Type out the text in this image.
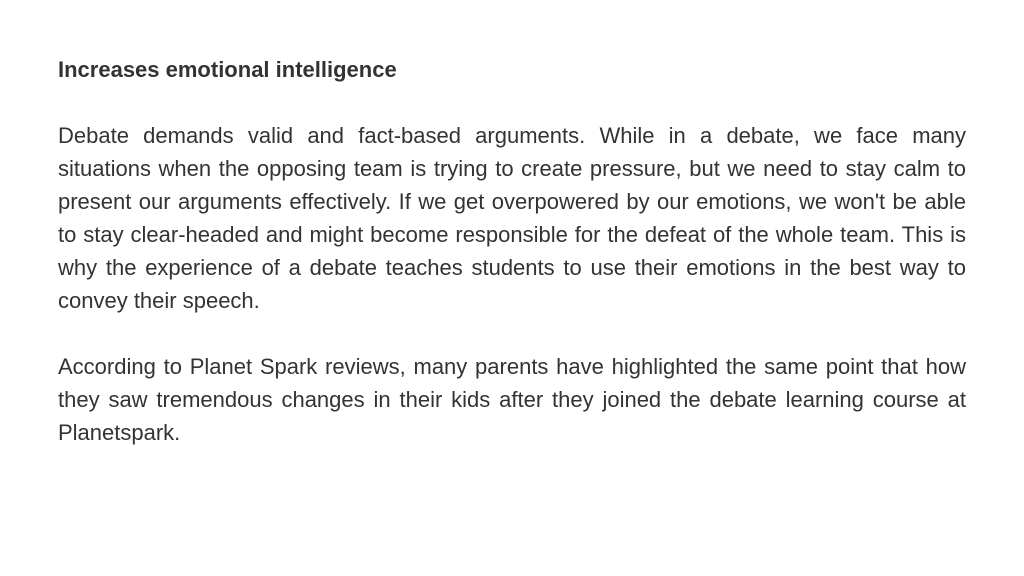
Increases emotional intelligence

Debate demands valid and fact-based arguments. While in a debate, we face many situations when the opposing team is trying to create pressure, but we need to stay calm to present our arguments effectively. If we get overpowered by our emotions, we won't be able to stay clear-headed and might become responsible for the defeat of the whole team. This is why the experience of a debate teaches students to use their emotions in the best way to convey their speech.

According to Planet Spark reviews, many parents have highlighted the same point that how they saw tremendous changes in their kids after they joined the debate learning course at Planetspark.
